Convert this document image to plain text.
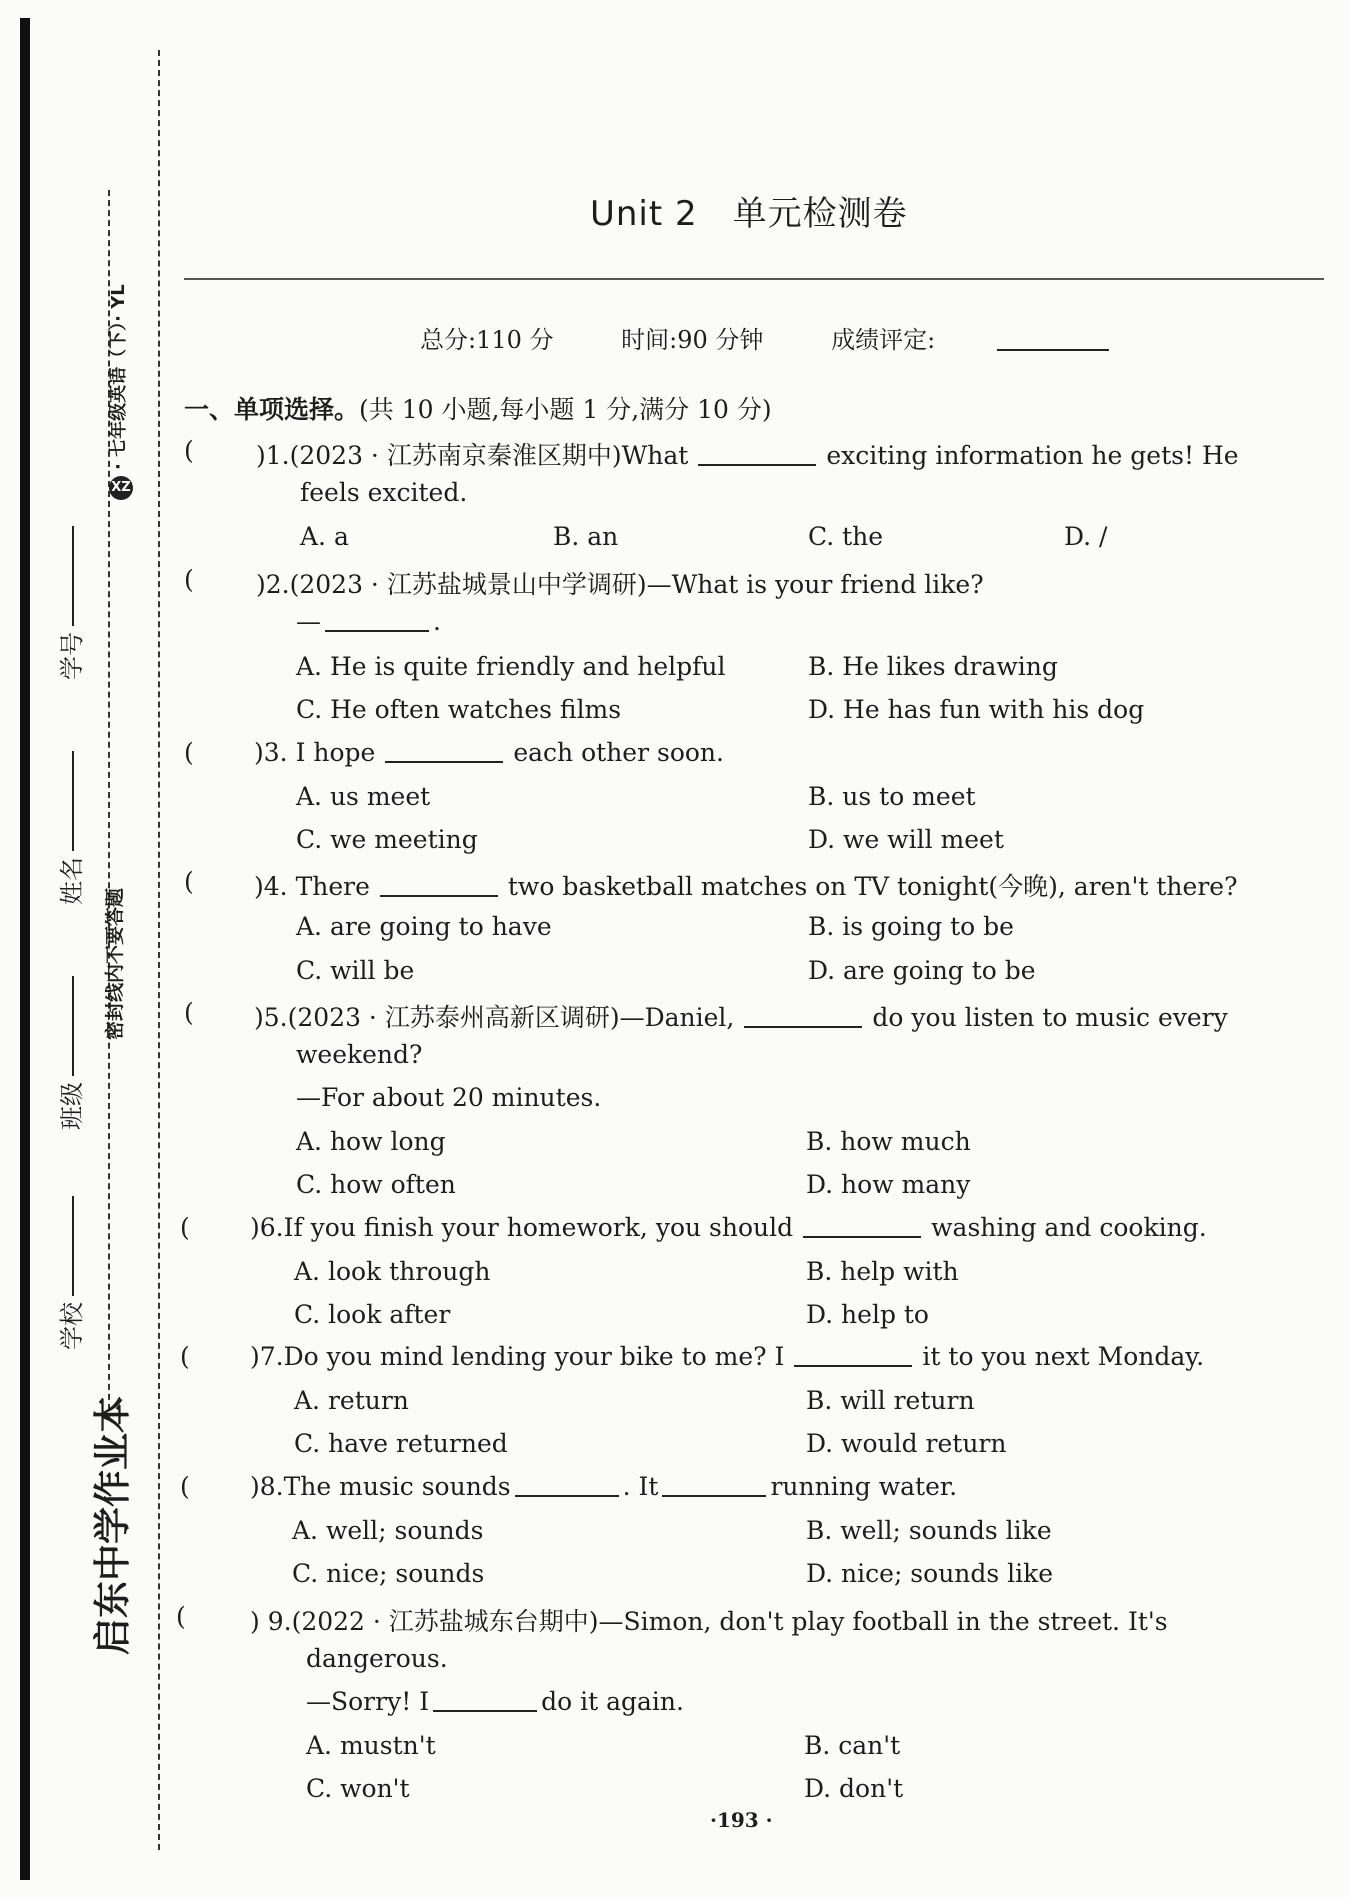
启东中学作业本
学校
班级
姓名
学号
密封线内不要答题
XZ· 七年级英语（下）· YL
Unit 2　单元检测卷
总分:110 分	时间:90 分钟	成绩评定:
一、单项选择。(共 10 小题,每小题 1 分,满分 10 分)
( )1.(2023 · 江苏南京秦淮区期中)What	exciting information he gets! He
feels excited.
A. a	B. an	C. the	D. /
( )2.(2023 · 江苏盐城景山中学调研)—What is your friend like?
—	.
A. He is quite friendly and helpful	B. He likes drawing
C. He often watches films	D. He has fun with his dog
( )3. I hope	each other soon.
A. us meet	B. us to meet
C. we meeting	D. we will meet
( )4. There	two basketball matches on TV tonight(今晚), aren't there?
A. are going to have	B. is going to be
C. will be	D. are going to be
( )5.(2023 · 江苏泰州高新区调研)—Daniel,	do you listen to music every
weekend?
—For about 20 minutes.
A. how long	B. how much
C. how often	D. how many
( )6.If you finish your homework, you should	washing and cooking.
A. look through	B. help with
C. look after	D. help to
( )7.Do you mind lending your bike to me? I	it to you next Monday.
A. return	B. will return
C. have returned	D. would return
( )8.The music sounds	. It	running water.
A. well; sounds	B. well; sounds like
C. nice; sounds	D. nice; sounds like
(	) 9.(2022 · 江苏盐城东台期中)—Simon, don't play football in the street. It's
dangerous.
—Sorry! I	do it again.
A. mustn't	B. can't
C. won't	D. don't
·193 ·
